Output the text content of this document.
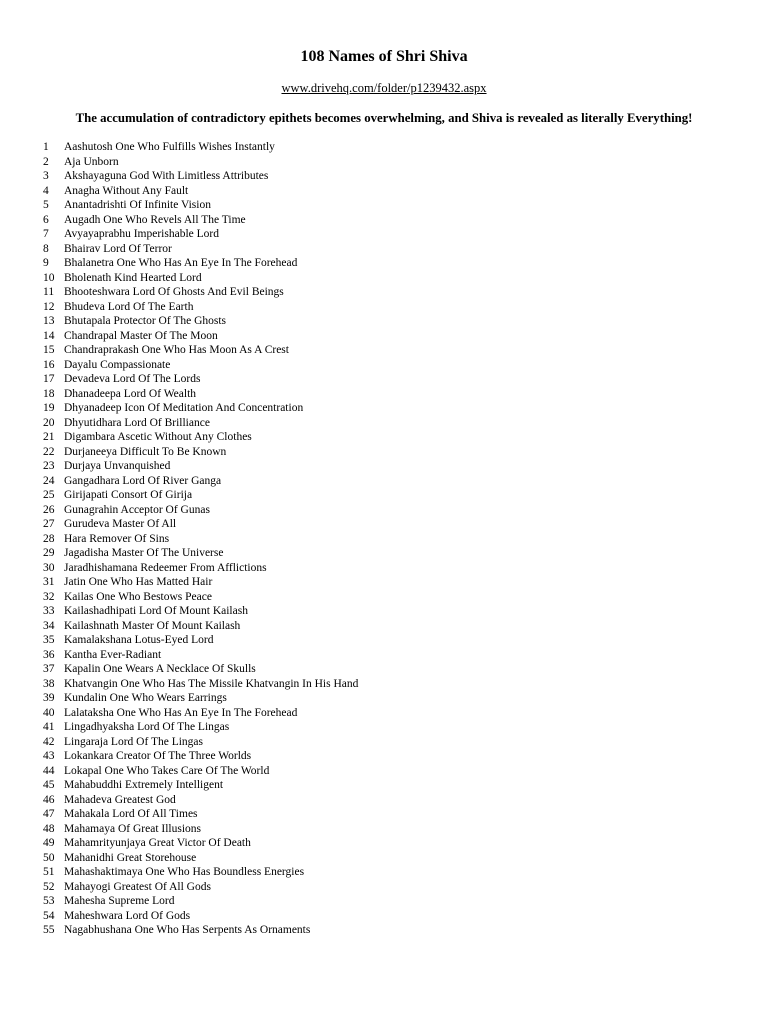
108 Names of Shri Shiva
www.drivehq.com/folder/p1239432.aspx
The accumulation of contradictory epithets becomes overwhelming, and Shiva is revealed as literally Everything!
1 Aashutosh One Who Fulfills Wishes Instantly
2 Aja Unborn
3 Akshayaguna God With Limitless Attributes
4 Anagha Without Any Fault
5 Anantadrishti Of Infinite Vision
6 Augadh One Who Revels All The Time
7 Avyayaprabhu Imperishable Lord
8 Bhairav Lord Of Terror
9 Bhalanetra One Who Has An Eye In The Forehead
10 Bholenath Kind Hearted Lord
11 Bhooteshwara Lord Of Ghosts And Evil Beings
12 Bhudeva Lord Of The Earth
13 Bhutapala Protector Of The Ghosts
14 Chandrapal Master Of The Moon
15 Chandraprakash One Who Has Moon As A Crest
16 Dayalu Compassionate
17 Devadeva Lord Of The Lords
18 Dhanadeepa Lord Of Wealth
19 Dhyanadeep Icon Of Meditation And Concentration
20 Dhyutidhara Lord Of Brilliance
21 Digambara Ascetic Without Any Clothes
22 Durjaneeya Difficult To Be Known
23 Durjaya Unvanquished
24 Gangadhara Lord Of River Ganga
25 Girijapati Consort Of Girija
26 Gunagrahin Acceptor Of Gunas
27 Gurudeva Master Of All
28 Hara Remover Of Sins
29 Jagadisha Master Of The Universe
30 Jaradhishamana Redeemer From Afflictions
31 Jatin One Who Has Matted Hair
32 Kailas One Who Bestows Peace
33 Kailashadhipati Lord Of Mount Kailash
34 Kailashnath Master Of Mount Kailash
35 Kamalakshana Lotus-Eyed Lord
36 Kantha Ever-Radiant
37 Kapalin One Wears A Necklace Of Skulls
38 Khatvangin One Who Has The Missile Khatvangin In His Hand
39 Kundalin One Who Wears Earrings
40 Lalataksha One Who Has An Eye In The Forehead
41 Lingadhyaksha Lord Of The Lingas
42 Lingaraja Lord Of The Lingas
43 Lokankara Creator Of The Three Worlds
44 Lokapal One Who Takes Care Of The World
45 Mahabuddhi Extremely Intelligent
46 Mahadeva Greatest God
47 Mahakala Lord Of All Times
48 Mahamaya Of Great Illusions
49 Mahamrityunjaya Great Victor Of Death
50 Mahanidhi Great Storehouse
51 Mahashaktimaya One Who Has Boundless Energies
52 Mahayogi Greatest Of All Gods
53 Mahesha Supreme Lord
54 Maheshwara Lord Of Gods
55 Nagabhushana One Who Has Serpents As Ornaments
